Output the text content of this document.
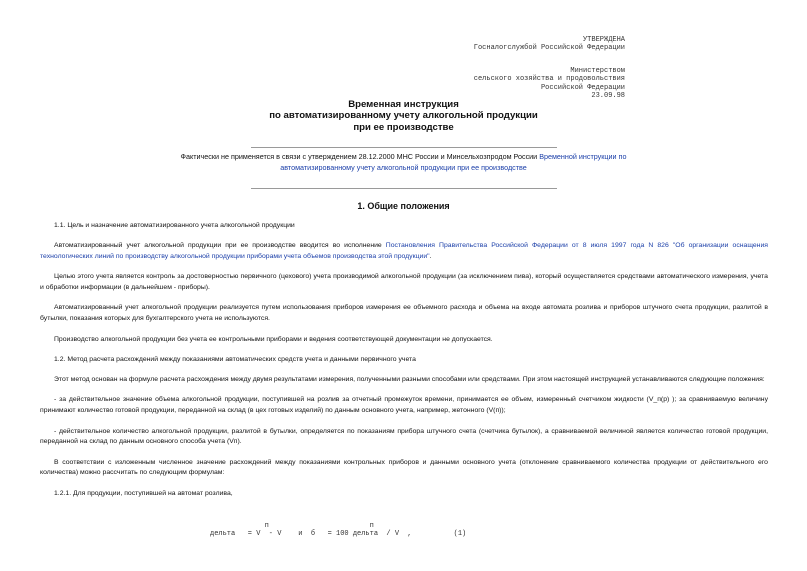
УТВЕРЖДЕНА
Госналогслужбой Российской Федерации
Министерством
сельского хозяйства и продовольствия
Российской Федерации
23.09.98
Временная инструкция
по автоматизированному учету алкогольной продукции
при ее производстве
Фактически не применяется в связи с утверждением 28.12.2000 МНС России и Минсельхозпродом России Временной инструкции по автоматизированному учету алкогольной продукции при ее производстве
1. Общие положения

1.1. Цель и назначение автоматизированного учета алкогольной продукции

Автоматизированный учет алкогольной продукции при ее производстве вводится во исполнение Постановления Правительства Российской Федерации от 8 июля 1997 года N 826 "Об организации оснащения технологических линий по производству алкогольной продукции приборами учета объемов производства этой продукции".

Целью этого учета является контроль за достоверностью первичного (цехового) учета производимой алкогольной продукции (за исключением пива), который осуществляется средствами автоматического измерения, учета и обработки информации (в дальнейшем - приборы).

Автоматизированный учет алкогольной продукции реализуется путем использования приборов измерения ее объемного расхода и объема на входе автомата розлива и приборов штучного счета продукции, разлитой в бутылки, показания которых для бухгалтерского учета не используются.

Производство алкогольной продукции без учета ее контрольными приборами и ведения соответствующей документации не допускается.

1.2. Метод расчета расхождений между показаниями автоматических средств учета и данными первичного учета

Этот метод основан на формуле расчета расхождения между двумя результатами измерения, полученными разными способами или средствами. При этом настоящей инструкцией устанавливаются следующие положения:

- за действительное значение объема алкогольной продукции, поступившей на розлив за отчетный промежуток времени, принимается ее объем, измеренный счетчиком жидкости (V_п(р) ); за сравниваемую величину принимают количество готовой продукции, переданной на склад (в цех готовых изделий) по данным основного учета, например, жетонного (V(п));

- действительное количество алкогольной продукции, разлитой в бутылки, определяется по показаниям прибора штучного счета (счетчика бутылок), а сравниваемой величиной является количество готовой продукции, переданной на склад по данным основного способа учета (Vп).

В соответствии с изложенным численное значение расхождений между показаниями контрольных приборов и данными основного учета (отклонение сравниваемого количества продукции от действительного его количества) можно рассчитать по следующим формулам:

1.2.1. Для продукции, поступившей на автомат розлива,

п                        п
дельта   = V  - V    и  б   = 100 дельта  / V  ,          (1)
